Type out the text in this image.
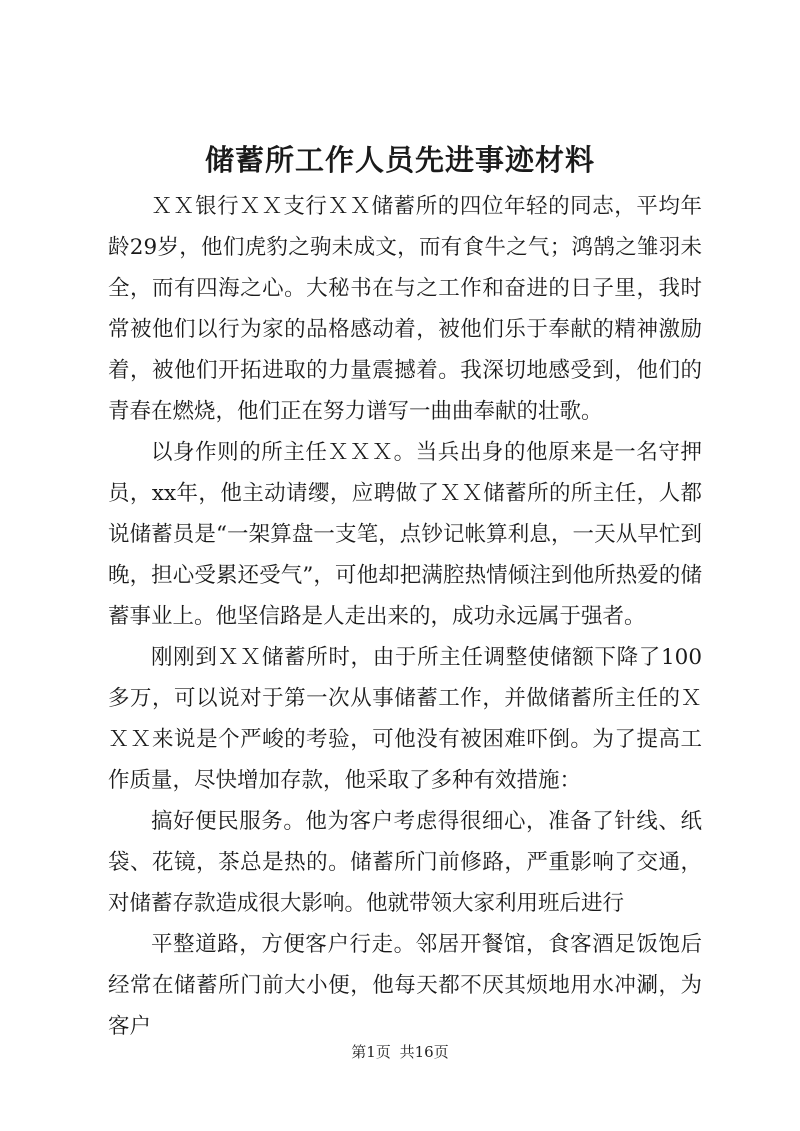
储蓄所工作人员先进事迹材料

ＸＸ银行ＸＸ支行ＸＸ储蓄所的四位年轻的同志，平均年龄29岁，他们虎豹之驹未成文，而有食牛之气；鸿鹄之雏羽未全，而有四海之心。大秘书在与之工作和奋进的日子里，我时常被他们以行为家的品格感动着，被他们乐于奉献的精神激励着，被他们开拓进取的力量震撼着。我深切地感受到，他们的青春在燃烧，他们正在努力谱写一曲曲奉献的壮歌。

以身作则的所主任ＸＸＸ。当兵出身的他原来是一名守押员，xx年，他主动请缨，应聘做了ＸＸ储蓄所的所主任，人都说储蓄员是“一架算盘一支笔，点钞记帐算利息，一天从早忙到晚，担心受累还受气”，可他却把满腔热情倾注到他所热爱的储蓄事业上。他坚信路是人走出来的，成功永远属于强者。

刚刚到ＸＸ储蓄所时，由于所主任调整使储额下降了100多万，可以说对于第一次从事储蓄工作，并做储蓄所主任的ＸＸＸ来说是个严峻的考验，可他没有被困难吓倒。为了提高工作质量，尽快增加存款，他采取了多种有效措施：

搞好便民服务。他为客户考虑得很细心，准备了针线、纸袋、花镜，茶总是热的。储蓄所门前修路，严重影响了交通，对储蓄存款造成很大影响。他就带领大家利用班后进行

平整道路，方便客户行走。邻居开餐馆，食客酒足饭饱后经常在储蓄所门前大小便，他每天都不厌其烦地用水冲涮，为客户

第1页 共16页
